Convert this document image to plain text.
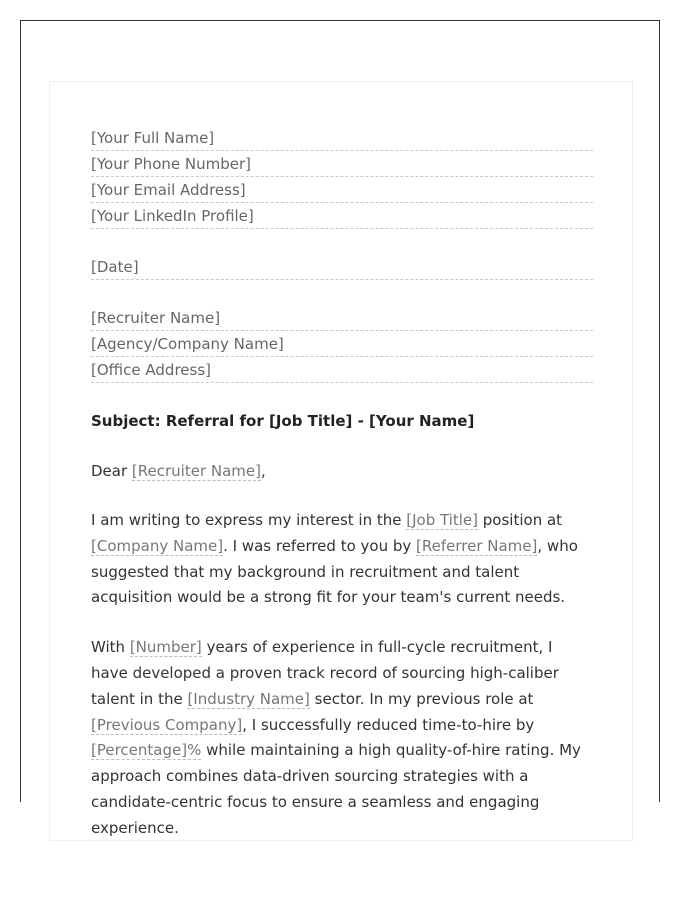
[Your Full Name]
[Your Phone Number]
[Your Email Address]
[Your LinkedIn Profile]
[Date]
[Recruiter Name]
[Agency/Company Name]
[Office Address]
Subject: Referral for [Job Title] - [Your Name]
Dear [Recruiter Name],

I am writing to express my interest in the [Job Title] position at [Company Name]. I was referred to you by [Referrer Name], who suggested that my background in recruitment and talent acquisition would be a strong fit for your team's current needs.

With [Number] years of experience in full-cycle recruitment, I have developed a proven track record of sourcing high-caliber talent in the [Industry Name] sector. In my previous role at [Previous Company], I successfully reduced time-to-hire by [Percentage]% while maintaining a high quality-of-hire rating. My approach combines data-driven sourcing strategies with a candidate-centric focus to ensure a seamless and engaging experience.
